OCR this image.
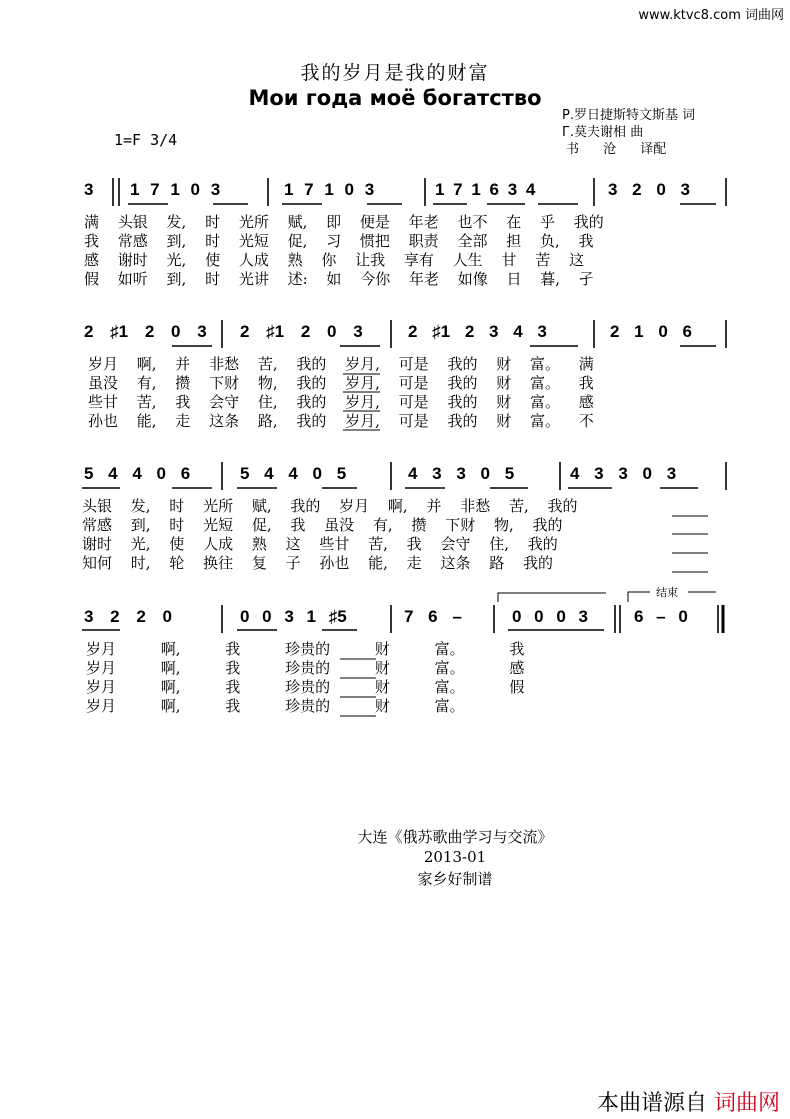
www.ktvc8.com 词曲网
我的岁月是我的财富
Мои года моё богатство
Р.罗日捷斯特文斯基 词
Г.莫夫谢相 曲
书 沧 译配
1=F 3/4
结束
3 1 7 1 0 3	1 7 1 0 3	1 7 1 6 3 4	3 2 0 3
2 ♯1 2 0 3 2 ♯1 2 0 3	2 ♯1 2 3 4 3	2 1 0 6
5 4 4 0 6	5 4 4 0 5	4 3 3 0 5	4 3 3 0 3
3 2 2 0	0 0 3 1 ♯5	7 6 –	0 0 0 3	6 – 0
满 头银 发, 时 光所 赋, 即 便是 年老 也不 在 乎 我的
我 常感 到, 时 光短 促, 习 惯把 职责 全部 担 负, 我
感 谢时 光, 使 人成 熟 你 让我 享有 人生 甘 苦 这
假 如听 到, 时 光讲 述: 如 今你 年老 如像 日 暮, 孑
岁月 啊, 并 非愁 苦, 我的 岁月, 可是 我的 财 富。 满
虽没 有, 攒 下财 物, 我的 岁月, 可是 我的 财 富。 我
些甘 苦, 我 会守 住, 我的 岁月, 可是 我的 财 富。 感
孙也 能, 走 这条 路, 我的 岁月, 可是 我的 财 富。 不
头银 发, 时 光所 赋, 我的 岁月 啊, 并 非愁 苦, 我的
常感 到, 时 光短 促, 我 虽没 有, 攒 下财 物, 我的
谢时 光, 使 人成 熟 这 些甘 苦, 我 会守 住, 我的
知何 时, 轮 换往 复 子 孙也 能, 走 这条 路 我的
岁月 啊, 我 珍贵的 财 富。 我
岁月 啊, 我 珍贵的 财 富。 感
岁月 啊, 我 珍贵的 财 富。 假
岁月 啊, 我 珍贵的 财 富。
大连《俄苏歌曲学习与交流》
2013-01
家乡好制谱
本曲谱源自 词曲网
